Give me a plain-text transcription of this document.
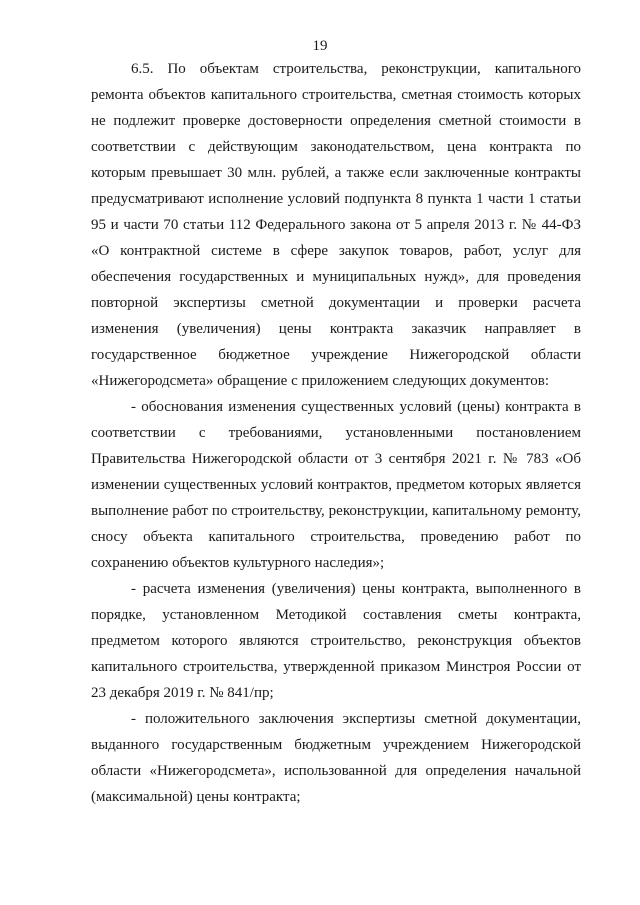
19

6.5. По объектам строительства, реконструкции, капитального ремонта объектов капитального строительства, сметная стоимость которых не подлежит проверке достоверности определения сметной стоимости в соответствии с действующим законодательством, цена контракта по которым превышает 30 млн. рублей, а также если заключенные контракты предусматривают исполнение условий подпункта 8 пункта 1 части 1 статьи 95 и части 70 статьи 112 Федерального закона от 5 апреля 2013 г. № 44-ФЗ «О контрактной системе в сфере закупок товаров, работ, услуг для обеспечения государственных и муниципальных нужд», для проведения повторной экспертизы сметной документации и проверки расчета изменения (увеличения) цены контракта заказчик направляет в государственное бюджетное учреждение Нижегородской области «Нижегородсмета» обращение с приложением следующих документов:

- обоснования изменения существенных условий (цены) контракта в соответствии с требованиями, установленными постановлением Правительства Нижегородской области от 3 сентября 2021 г. № 783 «Об изменении существенных условий контрактов, предметом которых является выполнение работ по строительству, реконструкции, капитальному ремонту, сносу объекта капитального строительства, проведению работ по сохранению объектов культурного наследия»;

- расчета изменения (увеличения) цены контракта, выполненного в порядке, установленном Методикой составления сметы контракта, предметом которого являются строительство, реконструкция объектов капитального строительства, утвержденной приказом Минстроя России от 23 декабря 2019 г. № 841/пр;

- положительного заключения экспертизы сметной документации, выданного государственным бюджетным учреждением Нижегородской области «Нижегородсмета», использованной для определения начальной (максимальной) цены контракта;
